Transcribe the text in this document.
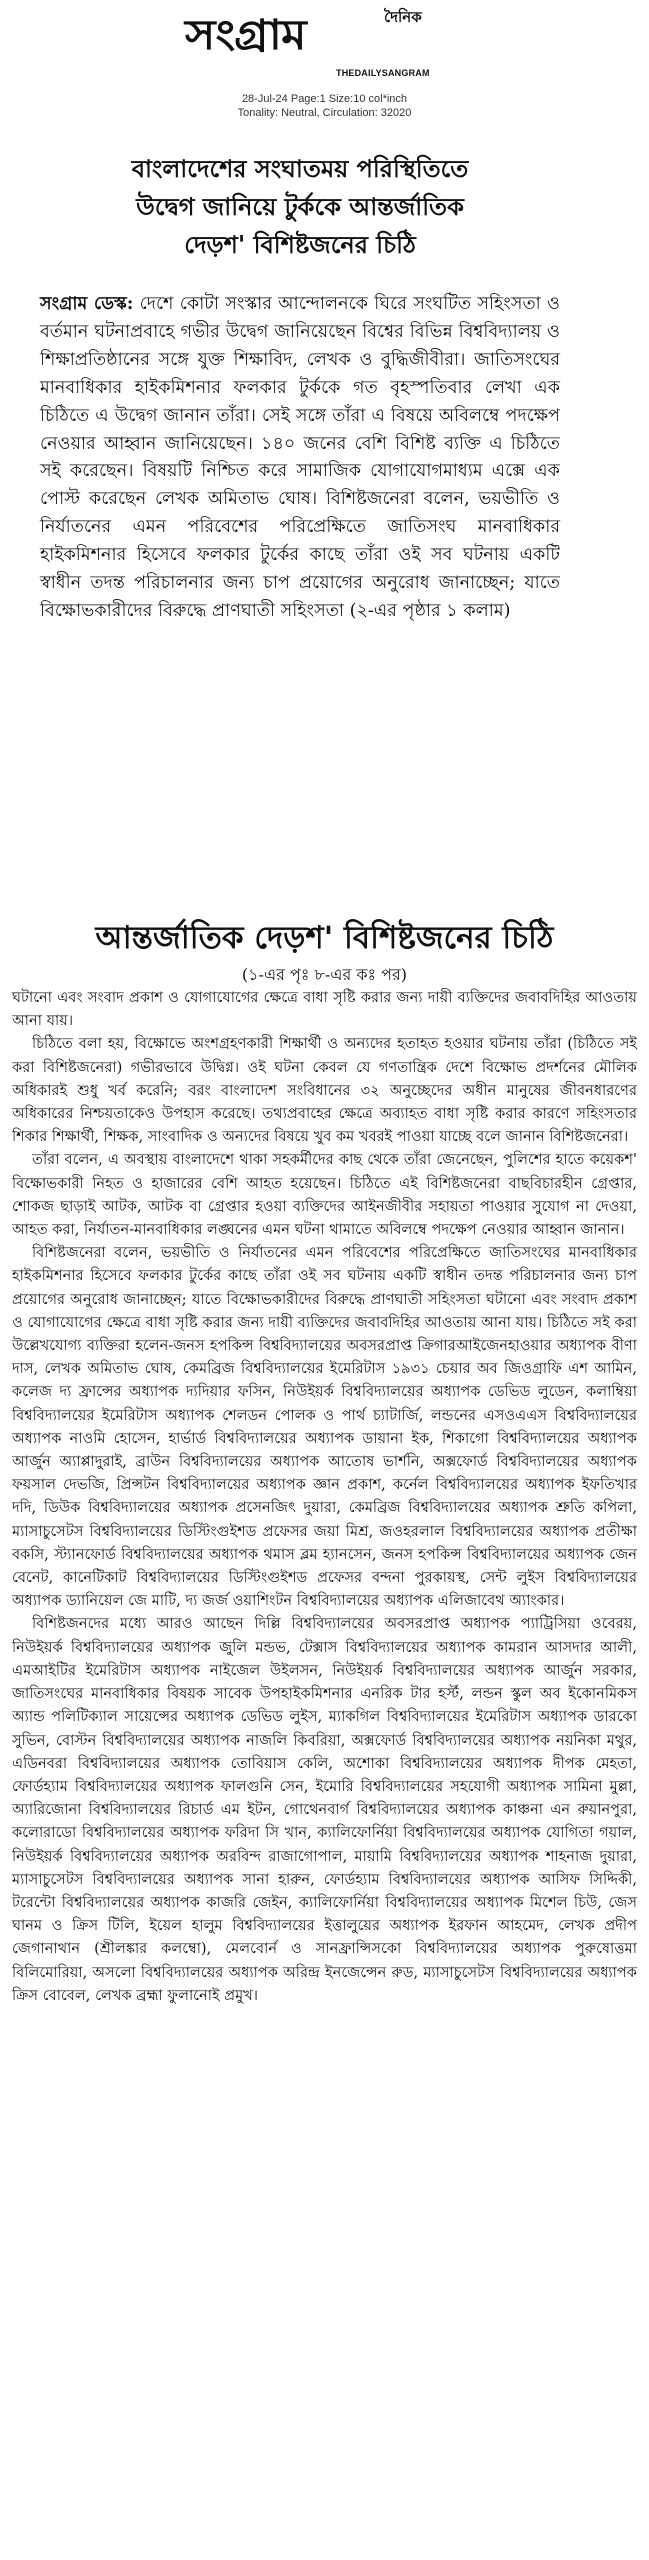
দৈনিক
সংগ্রাম
THEDAILYSANGRAM
28-Jul-24 Page:1 Size:10 col*inch
Tonality: Neutral, Circulation: 32020
বাংলাদেশের সংঘাতময় পরিস্থিতিতে
উদ্বেগ জানিয়ে টুর্ককে আন্তর্জাতিক
দেড়শ' বিশিষ্টজনের চিঠি
সংগ্রাম ডেস্ক: দেশে কোটা সংস্কার আন্দোলনকে ঘিরে সংঘটিত সহিংসতা ও বর্তমান ঘটনাপ্রবাহে গভীর উদ্বেগ জানিয়েছেন বিশ্বের বিভিন্ন বিশ্ববিদ্যালয় ও শিক্ষাপ্রতিষ্ঠানের সঙ্গে যুক্ত শিক্ষাবিদ, লেখক ও বুদ্ধিজীবীরা। জাতিসংঘের মানবাধিকার হাইকমিশনার ফলকার টুর্ককে গত বৃহস্পতিবার লেখা এক চিঠিতে এ উদ্বেগ জানান তাঁরা। সেই সঙ্গে তাঁরা এ বিষয়ে অবিলম্বে পদক্ষেপ নেওয়ার আহ্বান জানিয়েছেন। ১৪০ জনের বেশি বিশিষ্ট ব্যক্তি এ চিঠিতে সই করেছেন। বিষয়টি নিশ্চিত করে সামাজিক যোগাযোগমাধ্যম এক্সে এক পোস্ট করেছেন লেখক অমিতাভ ঘোষ। বিশিষ্টজনেরা বলেন, ভয়ভীতি ও নির্যাতনের এমন পরিবেশের পরিপ্রেক্ষিতে জাতিসংঘ মানবাধিকার হাইকমিশনার হিসেবে ফলকার টুর্কের কাছে তাঁরা ওই সব ঘটনায় একটি স্বাধীন তদন্ত পরিচালনার জন্য চাপ প্রয়োগের অনুরোধ জানাচ্ছেন; যাতে বিক্ষোভকারীদের বিরুদ্ধে প্রাণঘাতী সহিংসতা (২-এর পৃষ্ঠার ১ কলাম)
আন্তর্জাতিক দেড়শ' বিশিষ্টজনের চিঠি
(১-এর পৃঃ ৮-এর কঃ পর)

ঘটানো এবং সংবাদ প্রকাশ ও যোগাযোগের ক্ষেত্রে বাধা সৃষ্টি করার জন্য দায়ী ব্যক্তিদের জবাবদিহির আওতায় আনা যায়।

চিঠিতে বলা হয়, বিক্ষোভে অংশগ্রহণকারী শিক্ষার্থী ও অন্যদের হতাহত হওয়ার ঘটনায় তাঁরা (চিঠিতে সই করা বিশিষ্টজনেরা) গভীরভাবে উদ্বিগ্ন। ওই ঘটনা কেবল যে গণতান্ত্রিক দেশে বিক্ষোভ প্রদর্শনের মৌলিক অধিকারই শুধু খর্ব করেনি; বরং বাংলাদেশ সংবিধানের ৩২ অনুচ্ছেদের অধীন মানুষের জীবনধারণের অধিকারের নিশ্চয়তাকেও উপহাস করেছে। তথ্যপ্রবাহের ক্ষেত্রে অব্যাহত বাধা সৃষ্টি করার কারণে সহিংসতার শিকার শিক্ষার্থী, শিক্ষক, সাংবাদিক ও অন্যদের বিষয়ে খুব কম খবরই পাওয়া যাচ্ছে বলে জানান বিশিষ্টজনেরা।

তাঁরা বলেন, এ অবস্থায় বাংলাদেশে থাকা সহকর্মীদের কাছ থেকে তাঁরা জেনেছেন, পুলিশের হাতে কয়েকশ' বিক্ষোভকারী নিহত ও হাজারের বেশি আহত হয়েছেন। চিঠিতে এই বিশিষ্টজনেরা বাছবিচারহীন গ্রেপ্তার, শোকজ ছাড়াই আটক, আটক বা গ্রেপ্তার হওয়া ব্যক্তিদের আইনজীবীর সহায়তা পাওয়ার সুযোগ না দেওয়া, আহত করা, নির্যাতন-মানবাধিকার লঙ্ঘনের এমন ঘটনা থামাতে অবিলম্বে পদক্ষেপ নেওয়ার আহ্বান জানান।

বিশিষ্টজনেরা বলেন, ভয়ভীতি ও নির্যাতনের এমন পরিবেশের পরিপ্রেক্ষিতে জাতিসংঘের মানবাধিকার হাইকমিশনার হিসেবে ফলকার টুর্কের কাছে তাঁরা ওই সব ঘটনায় একটি স্বাধীন তদন্ত পরিচালনার জন্য চাপ প্রয়োগের অনুরোধ জানাচ্ছেন; যাতে বিক্ষোভকারীদের বিরুদ্ধে প্রাণঘাতী সহিংসতা ঘটানো এবং সংবাদ প্রকাশ ও যোগাযোগের ক্ষেত্রে বাধা সৃষ্টি করার জন্য দায়ী ব্যক্তিদের জবাবদিহির আওতায় আনা যায়। চিঠিতে সই করা উল্লেখযোগ্য ব্যক্তিরা হলেন-জনস হপকিন্স বিশ্ববিদ্যালয়ের অবসরপ্রাপ্ত ক্রিগারআইজেনহাওয়ার অধ্যাপক বীণা দাস, লেখক অমিতাভ ঘোষ, কেমব্রিজ বিশ্ববিদ্যালয়ের ইমেরিটাস ১৯৩১ চেয়ার অব জিওগ্রাফি এশ আমিন, কলেজ দ্য ফ্রান্সের অধ্যাপক দ্যদিয়ার ফসিন, নিউইয়র্ক বিশ্ববিদ্যালয়ের অধ্যাপক ডেভিড লুডেন, কলাম্বিয়া বিশ্ববিদ্যালয়ের ইমেরিটাস অধ্যাপক শেলডন পোলক ও পার্থ চ্যাটার্জি, লন্ডনের এসওএএস বিশ্ববিদ্যালয়ের অধ্যাপক নাওমি হোসেন, হার্ভার্ড বিশ্ববিদ্যালয়ের অধ্যাপক ডায়ানা ইক, শিকাগো বিশ্ববিদ্যালয়ের অধ্যাপক আর্জুন অ্যাপ্পাদুরাই, ব্রাউন বিশ্ববিদ্যালয়ের অধ্যাপক আতোষ ভার্শনি, অক্সফোর্ড বিশ্ববিদ্যালয়ের অধ্যাপক ফয়সাল দেভজি, প্রিন্সটন বিশ্ববিদ্যালয়ের অধ্যাপক জ্ঞান প্রকাশ, কর্নেল বিশ্ববিদ্যালয়ের অধ্যাপক ইফতিখার দদি, ডিউক বিশ্ববিদ্যালয়ের অধ্যাপক প্রসেনজিৎ দুয়ারা, কেমব্রিজ বিশ্ববিদ্যালয়ের অধ্যাপক শ্রুতি কপিলা, ম্যাসাচুসেটস বিশ্ববিদ্যালয়ের ডিস্টিংগুইশড প্রফেসর জয়া মিশ্র, জওহরলাল বিশ্ববিদ্যালয়ের অধ্যাপক প্রতীক্ষা বকসি, স্ট্যানফোর্ড বিশ্ববিদ্যালয়ের অধ্যাপক থমাস ব্লম হ্যানসেন, জনস হপকিন্স বিশ্ববিদ্যালয়ের অধ্যাপক জেন বেনেট, কানেটিকাট বিশ্ববিদ্যালয়ের ডিস্টিংগুইশড প্রফেসর বন্দনা পুরকায়স্থ, সেন্ট লুইস বিশ্ববিদ্যালয়ের অধ্যাপক ড্যানিয়েল জে মাটি, দ্য জর্জ ওয়াশিংটন বিশ্ববিদ্যালয়ের অধ্যাপক এলিজাবেথ অ্যাংকার।

বিশিষ্টজনদের মধ্যে আরও আছেন দিল্লি বিশ্ববিদ্যালয়ের অবসরপ্রাপ্ত অধ্যাপক প্যাট্রিসিয়া ওবেরয়, নিউইয়র্ক বিশ্ববিদ্যালয়ের অধ্যাপক জুলি মন্ডভ, টেক্সাস বিশ্ববিদ্যালয়ের অধ্যাপক কামরান আসদার আলী, এমআইটির ইমেরিটাস অধ্যাপক নাইজেল উইলসন, নিউইয়র্ক বিশ্ববিদ্যালয়ের অধ্যাপক আর্জুন সরকার, জাতিসংঘের মানবাধিকার বিষয়ক সাবেক উপহাইকমিশনার এনরিক টার হর্স্ট, লন্ডন স্কুল অব ইকোনমিকস অ্যান্ড পলিটিক্যাল সায়েন্সের অধ্যাপক ডেভিড লুইস, ম্যাকগিল বিশ্ববিদ্যালয়ের ইমেরিটাস অধ্যাপক ডারকো সুভিন, বোস্টন বিশ্ববিদ্যালয়ের অধ্যাপক নাজলি কিবরিয়া, অক্সফোর্ড বিশ্ববিদ্যালয়ের অধ্যাপক নয়নিকা মথুর, এডিনবরা বিশ্ববিদ্যালয়ের অধ্যাপক তোবিয়াস কেলি, অশোকা বিশ্ববিদ্যালয়ের অধ্যাপক দীপক মেহতা, ফোর্ডহ্যাম বিশ্ববিদ্যালয়ের অধ্যাপক ফালগুনি সেন, ইমোরি বিশ্ববিদ্যালয়ের সহযোগী অধ্যাপক সামিনা মুল্লা, অ্যারিজোনা বিশ্ববিদ্যালয়ের রিচার্ড এম ইটন, গোথেনবার্গ বিশ্ববিদ্যালয়ের অধ্যাপক কাঞ্চনা এন রুয়ানপুরা, কলোরাডো বিশ্ববিদ্যালয়ের অধ্যাপক ফরিদা সি খান, ক্যালিফোর্নিয়া বিশ্ববিদ্যালয়ের অধ্যাপক যোগিতা গয়াল, নিউইয়র্ক বিশ্ববিদ্যালয়ের অধ্যাপক অরবিন্দ রাজাগোপাল, মায়ামি বিশ্ববিদ্যালয়ের অধ্যাপক শাহনাজ দুয়ারা, ম্যাসাচুসেটস বিশ্ববিদ্যালয়ের অধ্যাপক সানা হারুন, ফোর্ডহ্যাম বিশ্ববিদ্যালয়ের অধ্যাপক আসিফ সিদ্দিকী, টরেন্টো বিশ্ববিদ্যালয়ের অধ্যাপক কাজরি জেইন, ক্যালিফোর্নিয়া বিশ্ববিদ্যালয়ের অধ্যাপক মিশেল চিউ, জেস ঘানম ও ক্রিস টিলি, ইয়েল হালুম বিশ্ববিদ্যালয়ের ইত্তালুয়ের অধ্যাপক ইরফান আহমেদ, লেখক প্রদীপ জেগানাথান (শ্রীলঙ্কার কলম্বো), মেলবোর্ন ও সানফ্রান্সিসকো বিশ্ববিদ্যালয়ের অধ্যাপক পুরুষোত্তমা বিলিমোরিয়া, অসলো বিশ্ববিদ্যালয়ের অধ্যাপক অরিন্দ্র ইনজেন্সেন রুড, ম্যাসাচুসেটস বিশ্ববিদ্যালয়ের অধ্যাপক ক্রিস বোবেল, লেখক ব্রহ্মা ফুলানোই প্রমুখ।
